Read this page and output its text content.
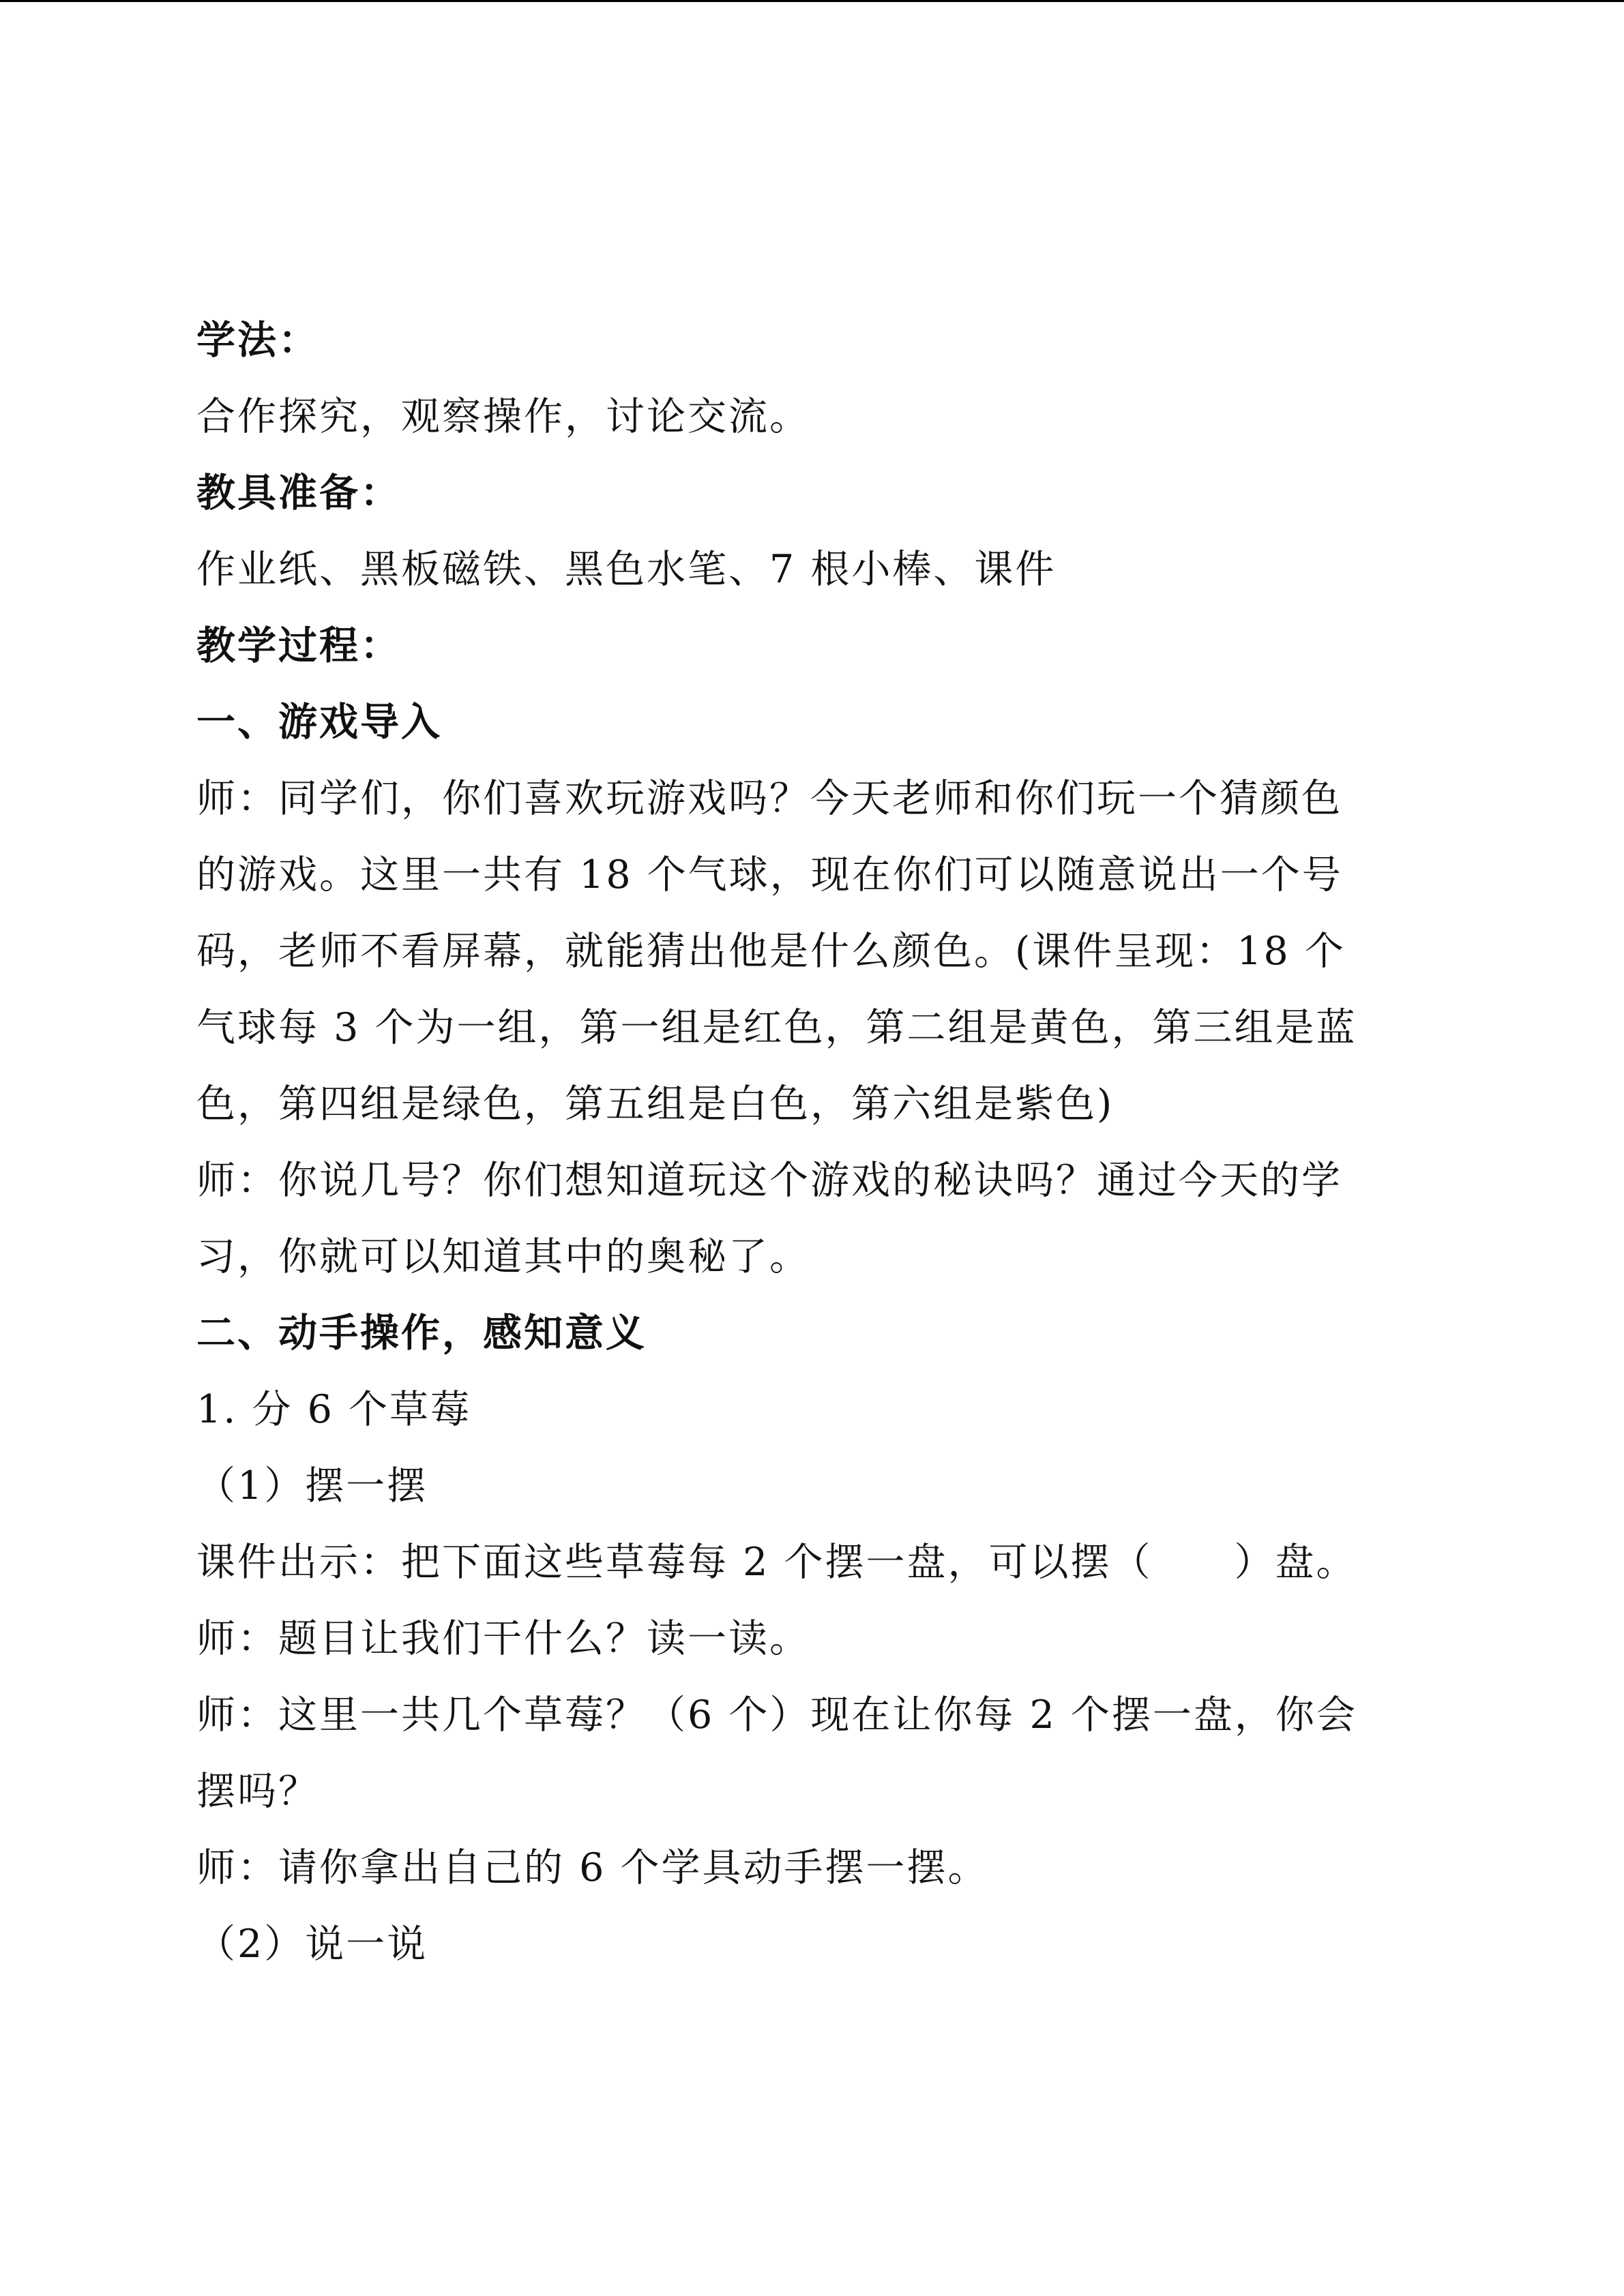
学法：

合作探究，观察操作，讨论交流。

教具准备：

作业纸、黑板磁铁、黑色水笔、7 根小棒、课件

教学过程：

一、游戏导入

师：同学们，你们喜欢玩游戏吗？今天老师和你们玩一个猜颜色
的游戏。这里一共有 18 个气球，现在你们可以随意说出一个号
码，老师不看屏幕，就能猜出他是什么颜色。(课件呈现：18 个
气球每 3 个为一组，第一组是红色，第二组是黄色，第三组是蓝
色，第四组是绿色，第五组是白色，第六组是紫色)
师：你说几号？你们想知道玩这个游戏的秘诀吗？通过今天的学
习，你就可以知道其中的奥秘了。

二、动手操作，感知意义

1. 分 6 个草莓

（1）摆一摆

课件出示：把下面这些草莓每 2 个摆一盘，可以摆（　　）盘。

师：题目让我们干什么？读一读。

师：这里一共几个草莓？（6 个）现在让你每 2 个摆一盘，你会
摆吗？

师：请你拿出自己的 6 个学具动手摆一摆。

（2）说一说
